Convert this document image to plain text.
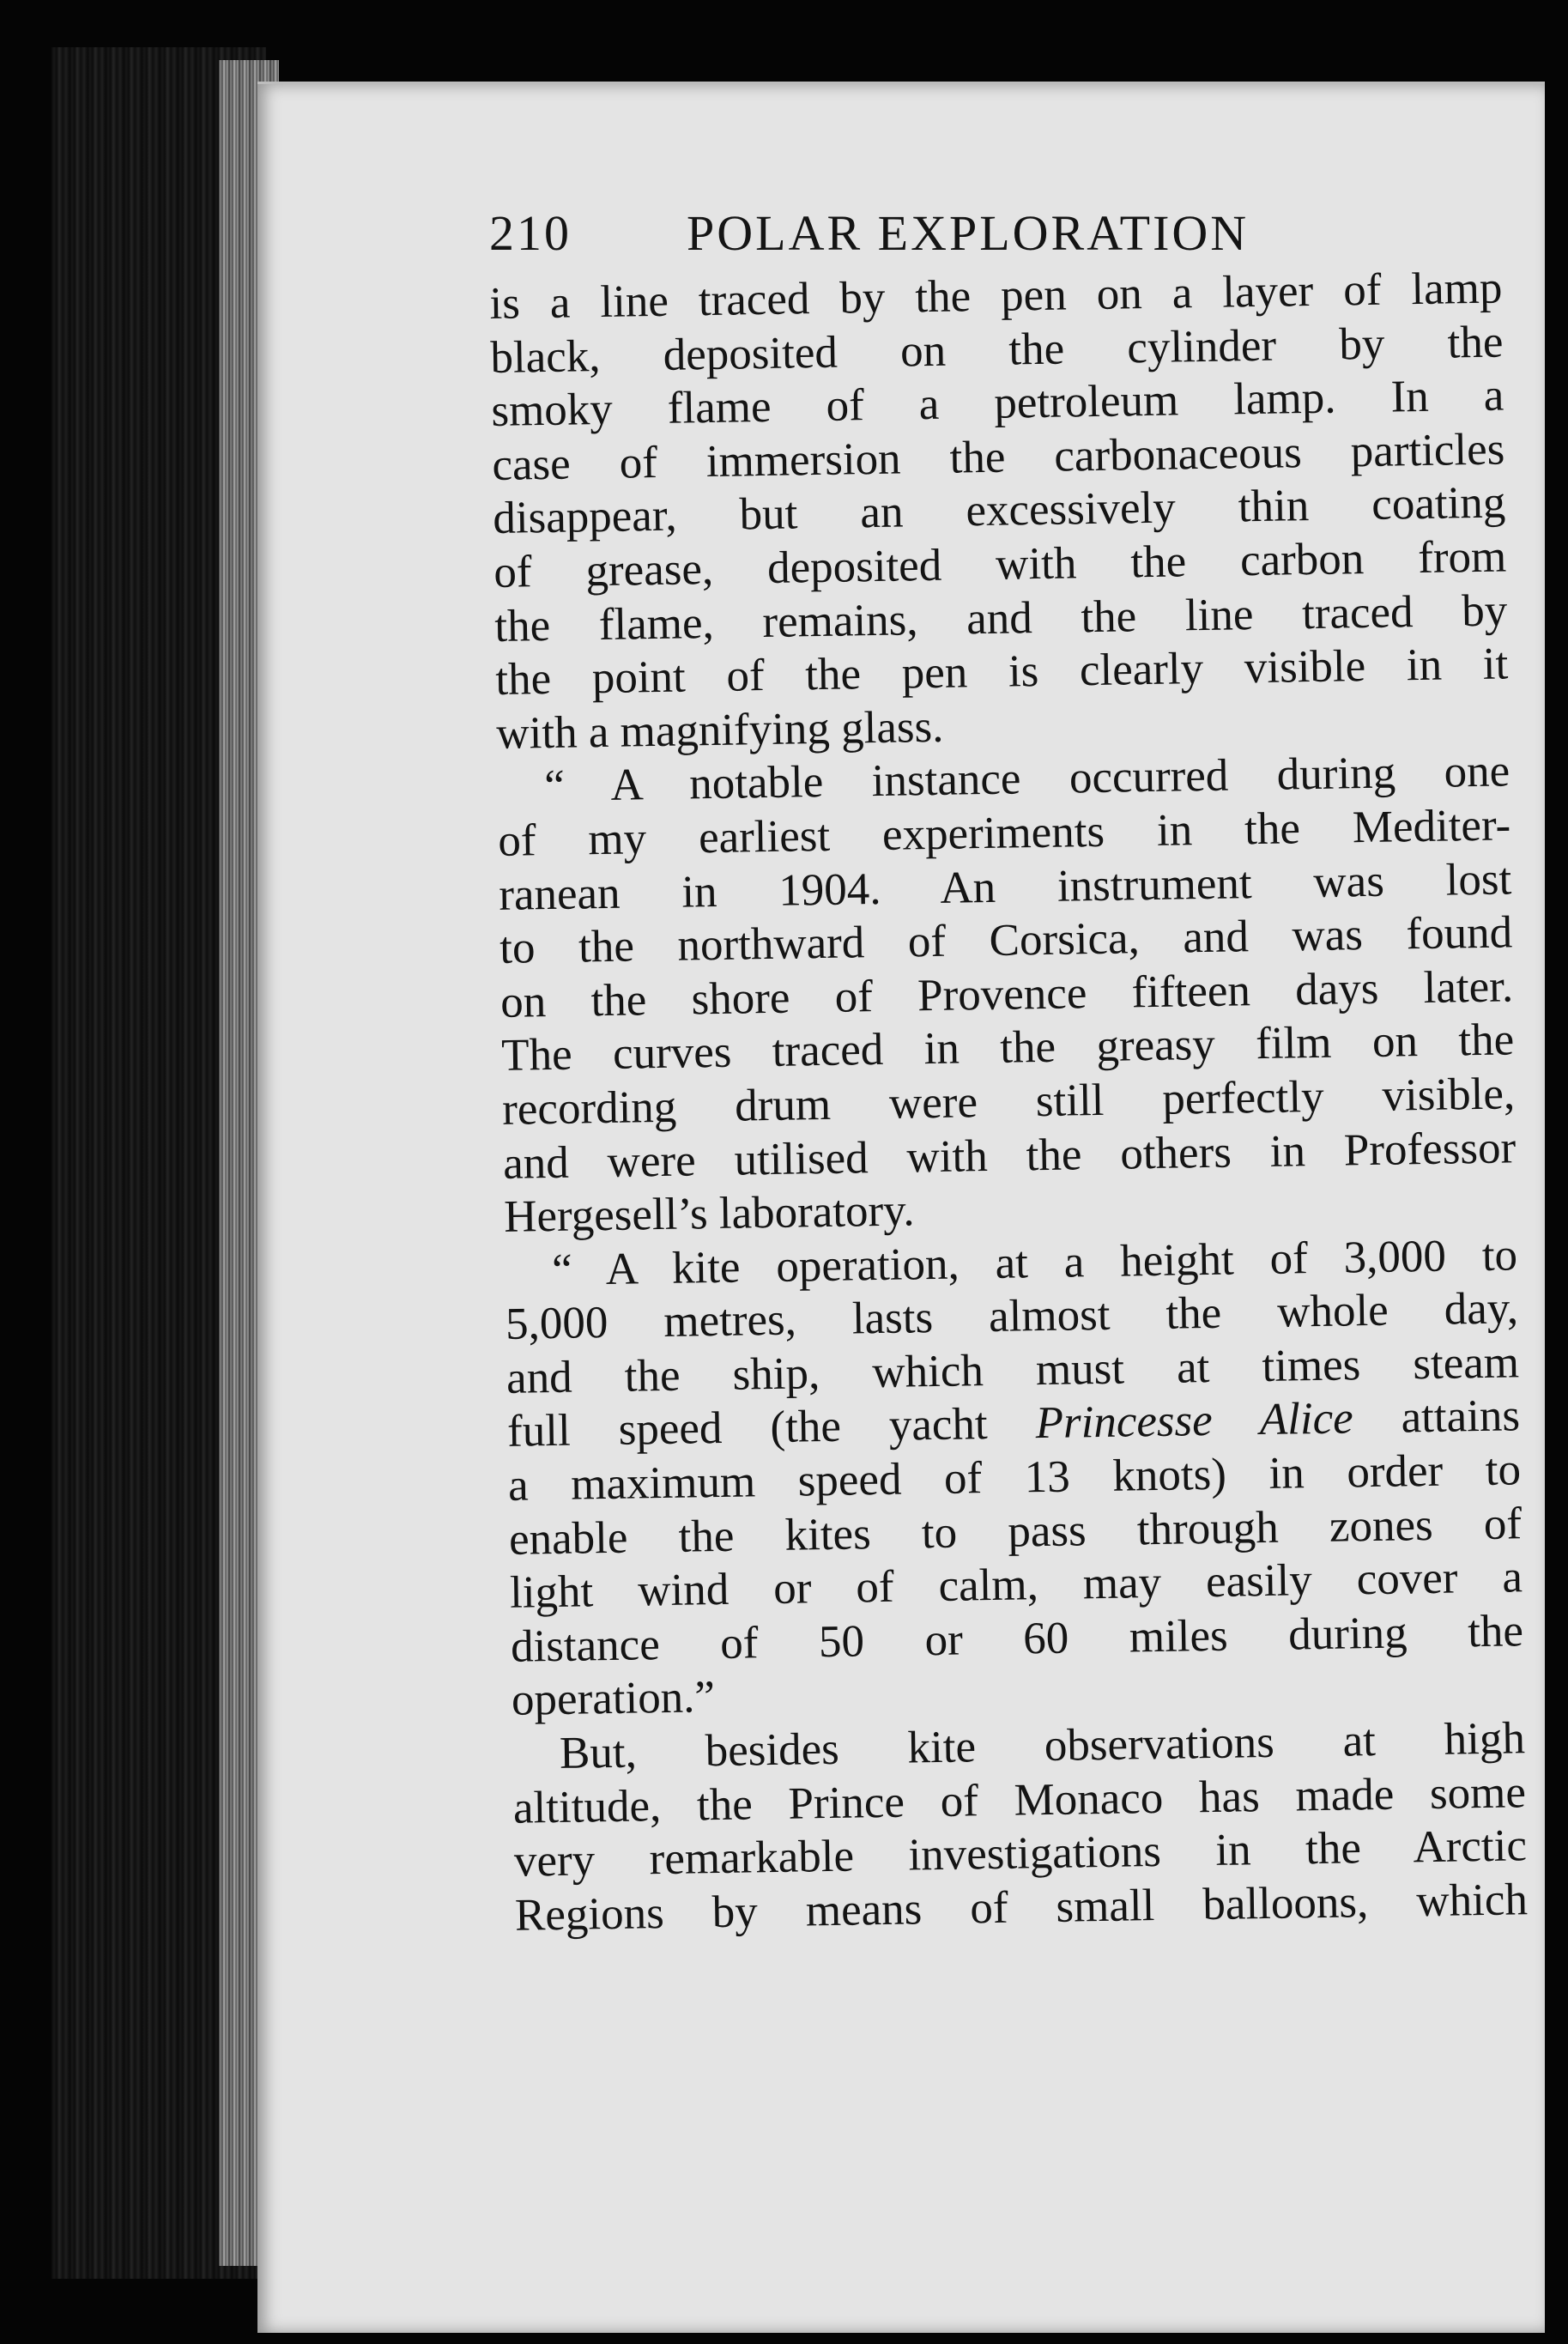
210 POLAR EXPLORATION
is a line traced by the pen on a layer of lamp
black, deposited on the cylinder by the
smoky flame of a petroleum lamp. In a
case of immersion the carbonaceous particles
disappear, but an excessively thin coating
of grease, deposited with the carbon from
the flame, remains, and the line traced by
the point of the pen is clearly visible in it
with a magnifying glass.
“ A notable instance occurred during one
of my earliest experiments in the Mediter-
ranean in 1904. An instrument was lost
to the northward of Corsica, and was found
on the shore of Provence fifteen days later.
The curves traced in the greasy film on the
recording drum were still perfectly visible,
and were utilised with the others in Professor
Hergesell’s laboratory.
“ A kite operation, at a height of 3,000 to
5,000 metres, lasts almost the whole day,
and the ship, which must at times steam
full speed (the yacht Princesse Alice attains
a maximum speed of 13 knots) in order to
enable the kites to pass through zones of
light wind or of calm, may easily cover a
distance of 50 or 60 miles during the
operation.”
But, besides kite observations at high
altitude, the Prince of Monaco has made some
very remarkable investigations in the Arctic
Regions by means of small balloons, which
